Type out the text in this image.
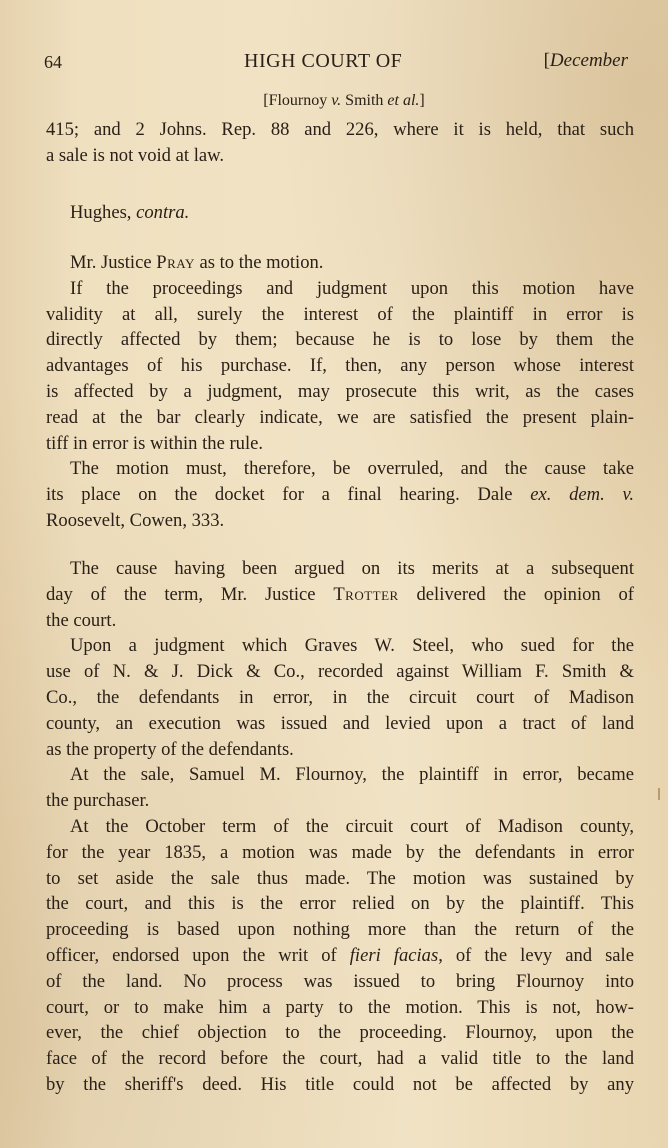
64	HIGH COURT OF	[December
[Flournoy v. Smith et al.]
415; and 2 Johns. Rep. 88 and 226, where it is held, that such
a sale is not void at law.
Hughes, contra.
Mr. Justice Pray as to the motion.
If the proceedings and judgment upon this motion have
validity at all, surely the interest of the plaintiff in error is
directly affected by them; because he is to lose by them the
advantages of his purchase. If, then, any person whose interest
is affected by a judgment, may prosecute this writ, as the cases
read at the bar clearly indicate, we are satisfied the present plain-
tiff in error is within the rule.
The motion must, therefore, be overruled, and the cause take
its place on the docket for a final hearing. Dale ex. dem. v.
Roosevelt, Cowen, 333.
The cause having been argued on its merits at a subsequent
day of the term, Mr. Justice Trotter delivered the opinion of
the court.
Upon a judgment which Graves W. Steel, who sued for the
use of N. & J. Dick & Co., recorded against William F. Smith &
Co., the defendants in error, in the circuit court of Madison
county, an execution was issued and levied upon a tract of land
as the property of the defendants.
At the sale, Samuel M. Flournoy, the plaintiff in error, became
the purchaser.
At the October term of the circuit court of Madison county,
for the year 1835, a motion was made by the defendants in error
to set aside the sale thus made. The motion was sustained by
the court, and this is the error relied on by the plaintiff. This
proceeding is based upon nothing more than the return of the
officer, endorsed upon the writ of fieri facias, of the levy and sale
of the land. No process was issued to bring Flournoy into
court, or to make him a party to the motion. This is not, how-
ever, the chief objection to the proceeding. Flournoy, upon the
face of the record before the court, had a valid title to the land
by the sheriff's deed. His title could not be affected by any
